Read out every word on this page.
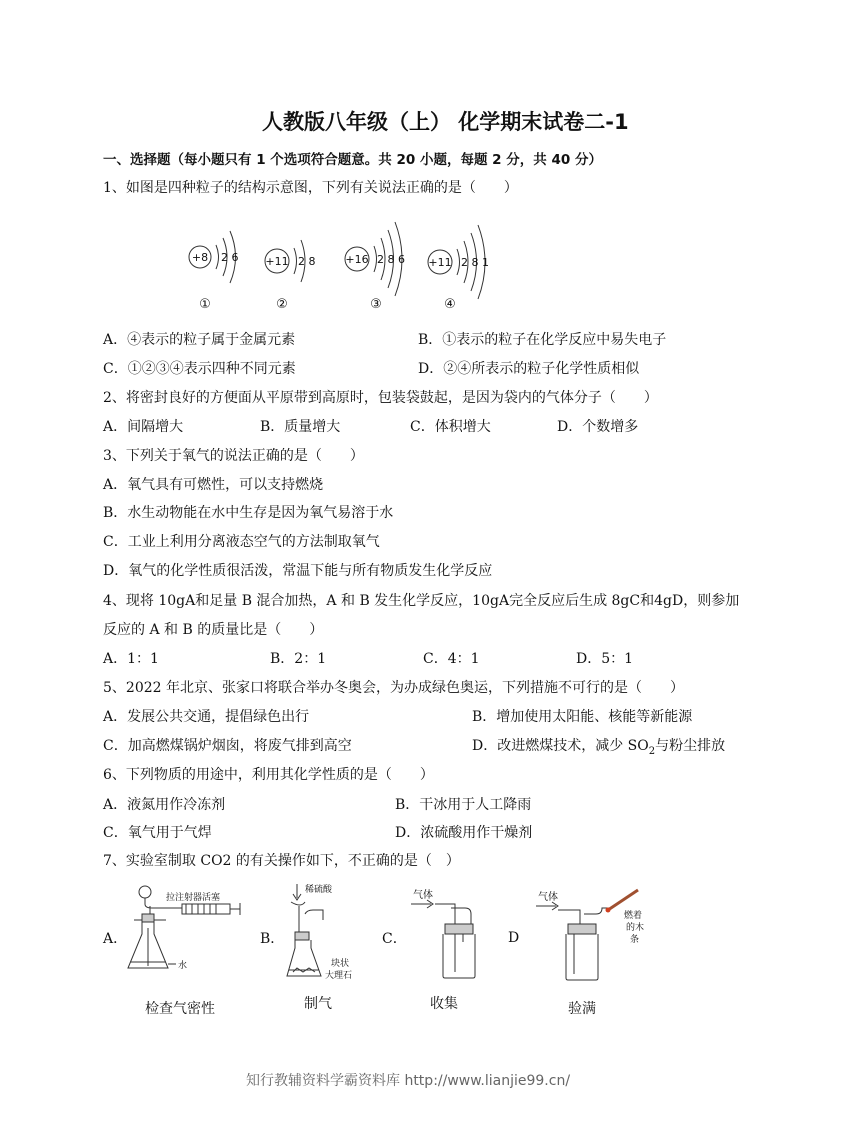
人教版八年级（上） 化学期末试卷二-1
一、选择题（每小题只有 1 个选项符合题意。共 20 小题，每题 2 分，共 40 分）
1、如图是四种粒子的结构示意图，下列有关说法正确的是（　　）
+8 2 6 +11 2 8	+16 2 8 6 +11 2 8 1
①	②	③	④
A．④表示的粒子属于金属元素	B．①表示的粒子在化学反应中易失电子
C．①②③④表示四种不同元素	D．②④所表示的粒子化学性质相似
2、将密封良好的方便面从平原带到高原时，包装袋鼓起，是因为袋内的气体分子（　　）
A．间隔增大	B．质量增大	C．体积增大	D．个数增多
3、下列关于氧气的说法正确的是（　　）
A．氧气具有可燃性，可以支持燃烧
B．水生动物能在水中生存是因为氧气易溶于水
C．工业上利用分离液态空气的方法制取氧气
D．氧气的化学性质很活泼，常温下能与所有物质发生化学反应
4、现将 10gA和足量 B 混合加热，A 和 B 发生化学反应，10gA完全反应后生成 8gC和4gD，则参加
反应的 A 和 B 的质量比是（　　）
A．1：1	B．2：1	C．4：1	D．5：1
5、2022 年北京、张家口将联合举办冬奥会，为办成绿色奥运，下列措施不可行的是（　　）
A．发展公共交通，提倡绿色出行	B．增加使用太阳能、核能等新能源
C．加高燃煤锅炉烟囱，将废气排到高空	D．改进燃煤技术，减少 $SO_2$与粉尘排放
6、下列物质的用途中，利用其化学性质的是（　　）
A．液氮用作冷冻剂	B．干冰用于人工降雨
C．氧气用于气焊	D．浓硫酸用作干燥剂
7、实验室制取 CO2 的有关操作如下，不正确的是（　）
A．	B．	C．	D
拉注射器活塞
水
稀硫酸
块状
大理石
气体
燃着
的木
条
气体
检查气密性	制气	收集	验满
知行教辅资料学霸资料库 http://www.lianjie99.cn/
